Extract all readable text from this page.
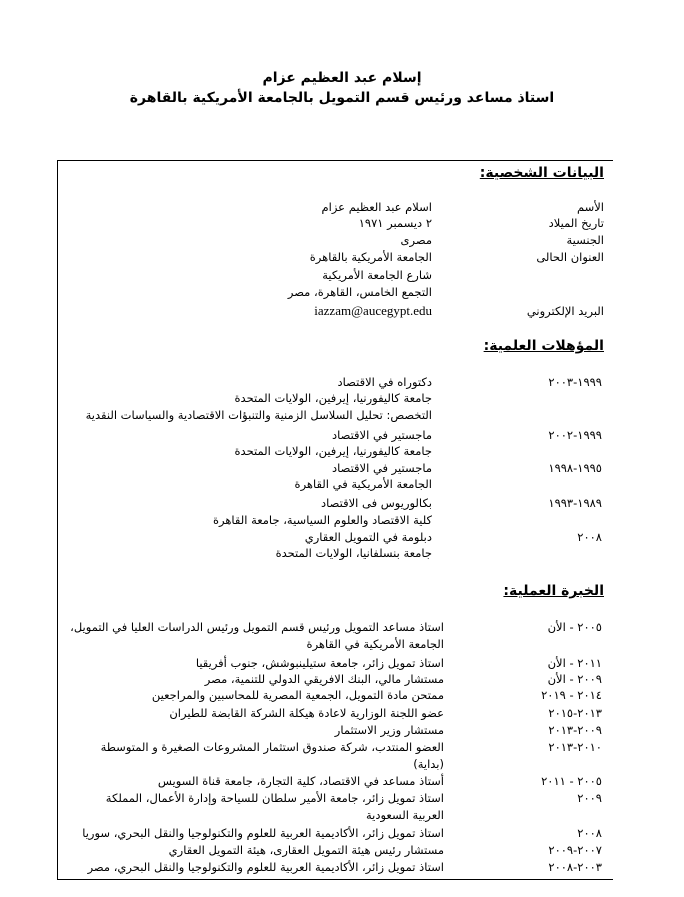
إسلام عبد العظيم عزام
استاذ مساعد ورئيس قسم التمويل بالجامعة الأمريكية بالقاهرة
البيانات الشخصية:
الأسم
اسلام عبد العظيم عزام
تاريخ الميلاد
٢ ديسمبر ١٩٧١
الجنسية
مصرى
العنوان الحالى
الجامعة الأمريكية بالقاهرة
شارع الجامعة الأمريكية
التجمع الخامس، القاهرة، مصر
البريد الإلكتروني
iazzam@aucegypt.edu
المؤهلات العلمية:
١٩٩٩-٢٠٠٣
دكتوراه في الاقتصاد
جامعة كاليفورنيا، إيرفين، الولايات المتحدة
التخصص: تحليل السلاسل الزمنية والتنبؤات الاقتصادية والسياسات النقدية
١٩٩٩-٢٠٠٢
ماجستير في الاقتصاد
جامعة كاليفورنيا، إيرفين، الولايات المتحدة
١٩٩٥-١٩٩٨
ماجستير في الاقتصاد
الجامعة الأمريكية في القاهرة
١٩٨٩-١٩٩٣
بكالوريوس فى الاقتصاد
كلية الاقتصاد والعلوم السياسية، جامعة القاهرة
٢٠٠٨
دبلومة في التمويل العقاري
جامعة بنسلفانيا، الولايات المتحدة
الخبرة العملية:
٢٠٠٥ - الأن
استاذ مساعد التمويل ورئيس قسم التمويل ورئيس الدراسات العليا في التمويل،
الجامعة الأمريكية في القاهرة
٢٠١١ - الأن
استاذ تمويل زائر، جامعة ستيلينبوشش، جنوب أفريقيا
٢٠٠٩ - الأن
مستشار مالي، البنك الافريقي الدولي للتنمية، مصر
٢٠١٤ - ٢٠١٩
ممتحن مادة التمويل، الجمعية المصرية للمحاسبين والمراجعين
٢٠١٣-٢٠١٥
عضو اللجنة الوزارية لاعادة هيكلة الشركة القابضة للطيران
٢٠٠٩-٢٠١٣
مستشار وزير الاستثمار
٢٠١٠-٢٠١٣
العضو المنتدب، شركة صندوق استثمار المشروعات الصغيرة و المتوسطة
(بداية)
٢٠٠٥ - ٢٠١١
أستاذ مساعد في الاقتصاد، كلية التجارة، جامعة قناة السويس
٢٠٠٩
استاذ تمويل زائر، جامعة الأمير سلطان للسياحة وإدارة الأعمال، المملكة
العربية السعودية
٢٠٠٨
استاذ تمويل زائر، الأكاديمية العربية للعلوم والتكنولوجيا والنقل البحري، سوريا
٢٠٠٧-٢٠٠٩
مستشار رئيس هيئة التمويل العقارى، هيئة التمويل العقاري
٢٠٠٣-٢٠٠٨
استاذ تمويل زائر، الأكاديمية العربية للعلوم والتكنولوجيا والنقل البحري، مصر
